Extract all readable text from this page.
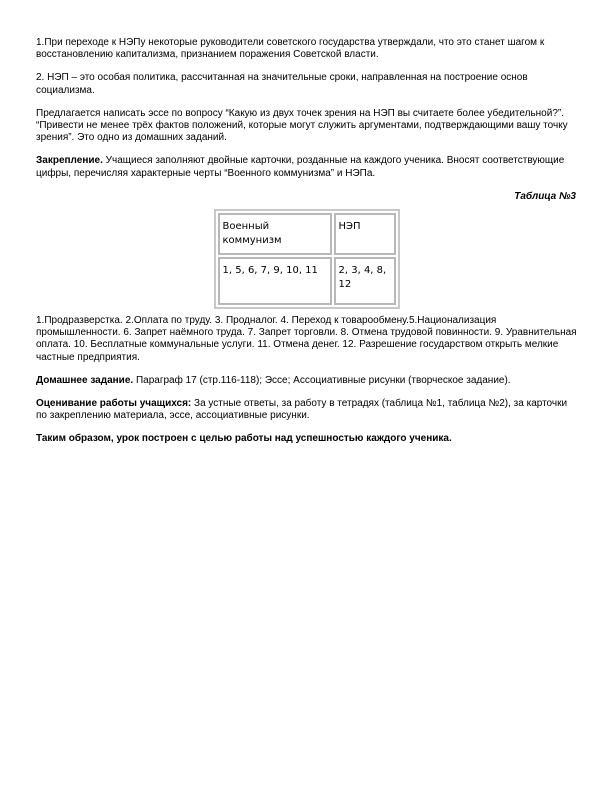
1.При переходе к НЭПу некоторые руководители советского государства утверждали, что это станет шагом к восстановлению капитализма, признанием поражения Советской власти.

2. НЭП – это особая политика, рассчитанная на значительные сроки, направленная на построение основ социализма.

Предлагается написать эссе по вопросу “Какую из двух точек зрения на НЭП вы считаете более убедительной?”. “Привести не менее трёх фактов положений, которые могут служить аргументами, подтверждающими вашу точку зрения”. Это одно из домашних заданий.

Закрепление. Учащиеся заполняют двойные карточки, розданные на каждого ученика. Вносят соответствующие цифры, перечисляя характерные черты “Военного коммунизма” и НЭПа.

Таблица №3
Военный коммунизм	НЭП
1, 5, 6, 7, 9, 10, 11	2, 3, 4, 8, 12

1.Продразверстка. 2.Оплата по труду. 3. Продналог. 4. Переход к товарообмену.5.Национализация промышленности. 6. Запрет наёмного труда. 7. Запрет торговли. 8. Отмена трудовой повинности. 9. Уравнительная оплата. 10. Бесплатные коммунальные услуги. 11. Отмена денег. 12. Разрешение государством открыть мелкие частные предприятия.

Домашнее задание. Параграф 17 (стр.116-118); Эссе; Ассоциативные рисунки (творческое задание).

Оценивание работы учащихся: За устные ответы, за работу в тетрадях (таблица №1, таблица №2), за карточки по закреплению материала, эссе, ассоциативные рисунки.

Таким образом, урок построен с целью работы над успешностью каждого ученика.
